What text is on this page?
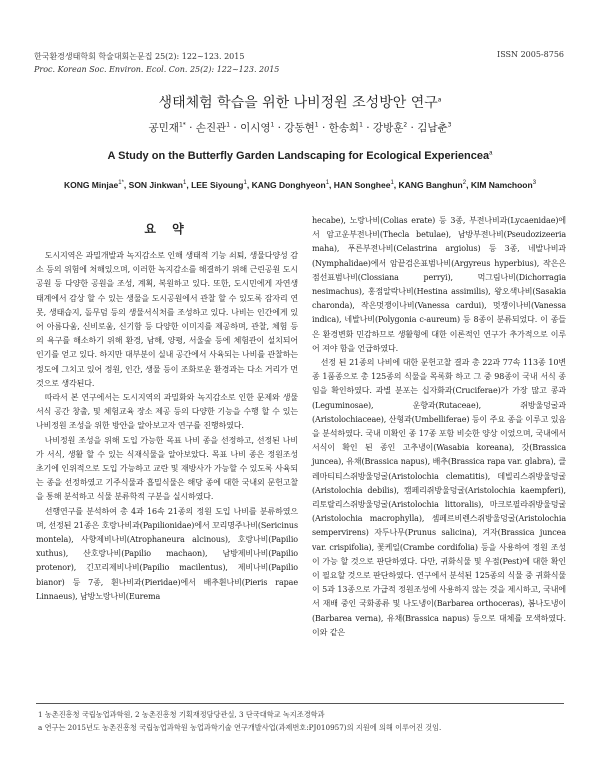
한국환경생태학회 학술대회논문집 25(2): 122~123. 2015
Proc. Korean Soc. Environ. Ecol. Con. 25(2): 122~123. 2015
ISSN 2005-8756
생태체험 학습을 위한 나비정원 조성방안 연구$^a$
공민재$^{1*}$ · 손진관$^1$ · 이시영$^1$ · 강동현$^1$ · 한송희$^1$ · 강방훈$^2$ · 김남춘$^3$
A Study on the Butterfly Garden Landscaping for Ecological Experiencea$^a$
KONG Minjae$^{1*}$, SON Jinkwan$^1$, LEE Siyoung$^1$, KANG Donghyeon$^1$, HAN Songhee$^1$, KANG Banghun$^2$, KIM Namchoon$^3$
요 약

도시지역은 과밀개발과 녹지감소로 인해 생태적 기능 쇠퇴, 생물다양성 감소 등의 위험에 처해있으며, 이러한 녹지감소를 해결하기 위해 근린공원 도시공원 등 다양한 공원을 조성, 계획, 복원하고 있다. 또한, 도시민에게 자연생태계에서 감상 할 수 있는 생물을 도시공원에서 관찰 할 수 있도록 잠자리 연못, 생태습지, 돌무덤 등의 생물서식처를 조성하고 있다. 나비는 인간에게 있어 아름다움, 신비로움, 신기함 등 다양한 이미지를 제공하며, 관찰, 체험 등의 욕구를 해소하기 위해 환경, 남해, 양평, 서울숲 등에 체험관이 설치되어 인기를 얻고 있다. 하지만 대부분이 실내 공간에서 사육되는 나비를 관찰하는 정도에 그치고 있어 정원, 인간, 생물 등이 조화로운 환경과는 다소 거리가 먼 것으로 생각된다.

따라서 본 연구에서는 도시지역의 과밀화와 녹지감소로 인한 문제와 생물서식 공간 창출, 및 체험교육 장소 제공 등의 다양한 기능을 수행 할 수 있는 나비정원 조성을 위한 방안을 알아보고자 연구를 진행하였다.

나비정원 조성을 위해 도입 가능한 목표 나비 종을 선정하고, 선정된 나비가 서식, 생활 할 수 있는 식재식물을 알아보았다. 목표 나비 종은 정원조성 초기에 인위적으로 도입 가능하고 교란 및 재방사가 가능할 수 있도록 사육되는 종을 선정하였고 기주식물과 흡밀식물은 해당 종에 대한 국내외 문헌고찰을 통해 분석하고 식물 분류학적 구분을 실시하였다.

선행연구를 분석하여 총 4과 16속 21종의 정원 도입 나비를 분류하였으며, 선정된 21종은 호랑나비과(Papilionidae)에서 꼬리명주나비(Sericinus montela), 사향제비나비(Atrophaneura alcinous), 호랑나비(Papilio xuthus), 산호랑나비(Papilio machaon), 남방제비나비(Papilio protenor), 긴꼬리제비나비(Papilio macilentus), 제비나비(Papilio bianor) 등 7종, 흰나비과(Pieridae)에서 배추흰나비(Pieris rapae Linnaeus), 남방노랑나비(Eurema

hecabe), 노랑나비(Colias erate) 등 3종, 부전나비과(Lycaenidae)에서 암고운부전나비(Thecla betulae), 남방부전나비(Pseudozizeeria maha), 푸른부전나비(Celastrina argiolus) 등 3종, 네발나비과(Nymphalidae)에서 암끝검은표범나비(Argyreus hyperbius), 작은은점선표범나비(Clossiana perryi), 먹그림나비(Dichorragia nesimachus), 홍점알락나비(Hestina assimilis), 왕오색나비(Sasakia charonda), 작은멋쟁이나비(Vanessa cardui), 멋쟁이나비(Vanessa indica), 네발나비(Polygonia c-aureum) 등 8종이 분류되었다. 이 종들은 환경변화 민감하므로 생활형에 대한 이론적인 연구가 추가적으로 이루어 져야 함을 언급하였다.

선정 된 21종의 나비에 대한 문헌고찰 결과 총 22과 77속 113종 10변종 1품종으로 총 125종의 식물을 목록화 하고 그 중 98종이 국내 서식 종임을 확인하였다. 과별 분포는 십자화과(Cruciferae)가 가장 많고 콩과(Leguminosae), 운향과(Rutaceae), 쥐방울덩굴과(Aristolochiaceae), 산형과(Umbelliferae) 등이 주요 종을 이루고 있음을 분석하였다. 국내 미확인 종 17종 포함 비슷한 양상 이었으며, 국내에서 서식이 확인 된 종인 고추냉이(Wasabia koreana), 갓(Brassica juncea), 유채(Brassica napus), 배추(Brassica rapa var. glabra), 클레마티티스쥐방울덩굴(Aristolochia clematitis), 데빌리스쥐방울덩굴(Aristolochia debilis), 캠페리쥐방울덩굴(Aristolochia kaempferi), 리토랄리스쥐방울덩굴(Aristolochia littoralis), 마크로필라쥐방울덩굴(Aristolochia macrophylla), 셈페르비렌스쥐방울덩굴(Aristolochia sempervirens) 자두나무(Prunus salicina), 겨자(Brassica juncea var. crispifolia), 꽃케일(Crambe cordifolia) 등을 사용하여 정원 조성이 가능 할 것으로 판단하였다. 다만, 귀화식물 및 우점(Pest)에 대한 확인이 필요할 것으로 판단하였다. 연구에서 분석된 125종의 식물 중 귀화식물이 5과 13종으로 가급적 정원조성에 사용하지 않는 것을 제시하고, 국내에서 재배 중인 국화종류 및 나도냉이(Barbarea orthoceras), 봄나도냉이(Barbarea verna), 유채(Brassica napus) 등으로 대체를 모색하였다. 이와 같은

1 농촌진흥청 국립농업과학원, 2 농촌진흥청 기획재정담당관실, 3 단국대학교 녹지조경학과
a 연구는 2015년도 농촌진흥청 국립농업과학원 농업과학기술 연구개발사업(과제번호:PJ010957)의 지원에 의해 이루어진 것임.
